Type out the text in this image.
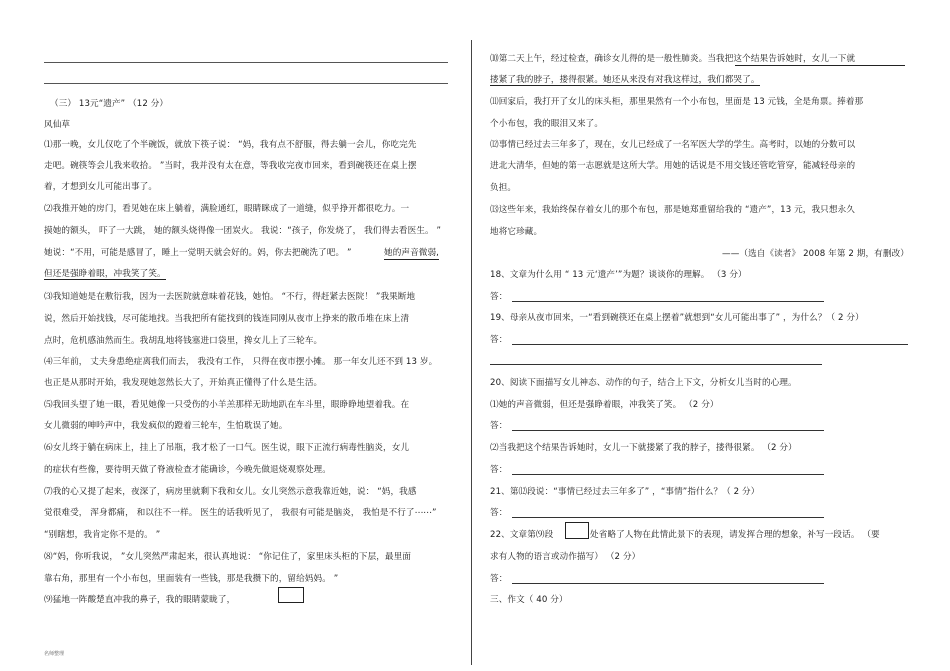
（三） 13元“遗产” （12 分）
风仙草
⑴那一晚，女儿仅吃了个半碗饭，就放下筷子说： “妈，我有点不舒服，得去躺一会儿，你吃完先
走吧。碗筷等会儿我来收拾。 ”当时，我并没有太在意，等我收完夜市回来，看到碗筷还在桌上摆
着，才想到女儿可能出事了。
⑵我推开她的房门，看见她在床上躺着，满脸通红，眼睛眯成了一道缝，似乎挣开都很吃力。一
摸她的额头， 吓了一大跳， 她的额头烧得像一团炭火。 我说：“孩子，你发烧了， 我们得去看医生。 ”
她说：“不用，可能是感冒了，睡上一觉明天就会好的。妈，你去把碗洗了吧。 ”	她的声音微弱,
但还是强睁着眼，冲我笑了笑。
⑶我知道她是在敷衍我，因为一去医院就意味着花钱，她怕。 “不行，得赶紧去医院！ ”我果断地
说，然后开始找钱，尽可能地找。当我把所有能找到的钱连同刚从夜市上挣来的散币堆在床上清
点时，危机感油然而生。我胡乱地将钱塞进口袋里，搀女儿上了三轮车。
⑷三年前， 丈夫身患绝症离我们而去， 我没有工作， 只得在夜市摆小摊。 那一年女儿还不到 13 岁。
也正是从那时开始，我发现她忽然长大了，开始真正懂得了什么是生活。
⑸我回头望了她一眼，看见她像一只受伤的小羊羔那样无助地趴在车斗里，眼睁睁地望着我。在
女儿微弱的呻吟声中，我发疯似的蹬着三轮车，生怕耽误了她。
⑹女儿终于躺在病床上，挂上了吊瓶，我才松了一口气。医生说，眼下正流行病毒性脑炎，女儿
的症状有些像，要待明天做了脊液检查才能确诊，今晚先做退烧观察处理。
⑺我的心又提了起来，夜深了，病房里就剩下我和女儿。女儿突然示意我靠近她，说： “妈，我感
觉很难受， 浑身都痛， 和以往不一样。 医生的话我听见了， 我很有可能是脑炎， 我怕是不行了⋯⋯”
“别瞎想，我肯定你不是的。 ”
⑻“妈，你听我说， ”女儿突然严肃起来，很认真地说： “你记住了，家里床头柜的下层，最里面
靠右角，那里有一个小布包，里面装有一些钱，那是我攒下的，留给妈妈。 ”
⑼猛地一阵酸楚直冲我的鼻子，我的眼睛蒙眬了，
⑽第二天上午，经过检查，确诊女儿得的是一般性肺炎。当我把这个结果告诉她时，女儿一下就
搂紧了我的脖子，搂得很紧。她还从来没有对我这样过，我们都哭了。
⑾回家后，我打开了女儿的床头柜，那里果然有一个小布包，里面是 13 元钱，全是角票。捧着那
个小布包，我的眼泪又来了。
⑿事情已经过去三年多了，现在，女儿已经成了一名军医大学的学生。高考时，以她的分数可以
进北大清华，但她的第一志愿就是这所大学。用她的话说是不用交钱还管吃管穿，能减轻母亲的
负担。
⒀这些年来，我始终保存着女儿的那个布包，那是她郑重留给我的 “遗产”，13 元，我只想永久
地将它珍藏。
——（选自《读者》 2008 年第 2 期，有删改）
18、文章为什么用 “ 13 元‘遗产’”为题？谈谈你的理解。 （3 分）
答：
19、母亲从夜市回来，一“看到碗筷还在桌上摆着”就想到“女儿可能出事了” ，为什么？（ 2 分）
答：
20、阅读下面描写女儿神态、动作的句子，结合上下文，分析女儿当时的心理。
⑴她的声音微弱，但还是强睁着眼，冲我笑了笑。 （2 分）
答：
⑵当我把这个结果告诉她时，女儿一下就搂紧了我的脖子，搂得很紧。 （2 分）
答：
21、第⑿段说：“事情已经过去三年多了” ，“事情”指什么？（ 2 分）
答：
22、文章第⑼段	处省略了人物在此情此景下的表现，请发挥合理的想象，补写一段话。 （要
求有人物的语言或动作描写） （2 分）
答：
三、作文（ 40 分）
名师整理
